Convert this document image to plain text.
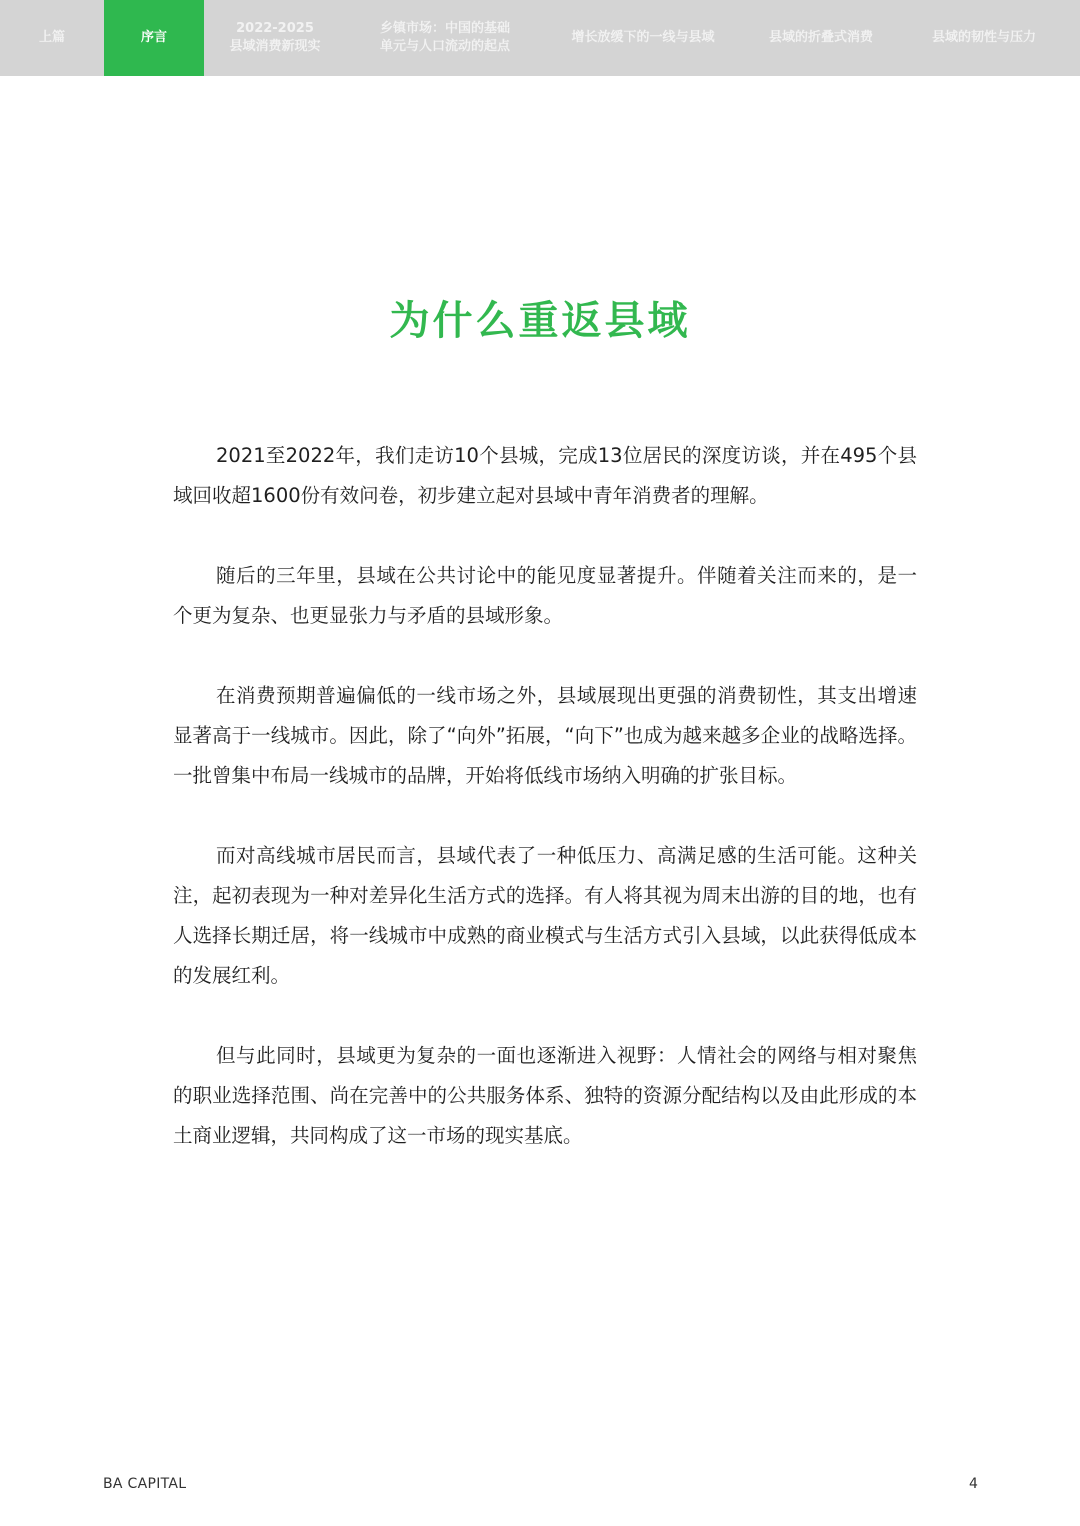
上篇	序言
2022-2025
县域消费新现实
乡镇市场：中国的基础
单元与人口流动的起点
增长放缓下的一线与县域	县域的折叠式消费	县域的韧性与压力
为什么重返县域

2021至2022年，我们走访10个县城，完成13位居民的深度访谈，并在495个县域回收超1600份有效问卷，初步建立起对县域中青年消费者的理解。

随后的三年里，县域在公共讨论中的能见度显著提升。伴随着关注而来的，是一个更为复杂、也更显张力与矛盾的县域形象。

在消费预期普遍偏低的一线市场之外，县域展现出更强的消费韧性，其支出增速显著高于一线城市。因此，除了“向外”拓展，“向下”也成为越来越多企业的战略选择。一批曾集中布局一线城市的品牌，开始将低线市场纳入明确的扩张目标。

而对高线城市居民而言，县域代表了一种低压力、高满足感的生活可能。这种关注，起初表现为一种对差异化生活方式的选择。有人将其视为周末出游的目的地，也有人选择长期迁居，将一线城市中成熟的商业模式与生活方式引入县域，以此获得低成本的发展红利。

但与此同时，县域更为复杂的一面也逐渐进入视野：人情社会的网络与相对聚焦的职业选择范围、尚在完善中的公共服务体系、独特的资源分配结构以及由此形成的本土商业逻辑，共同构成了这一市场的现实基底。

BA CAPITAL	4
